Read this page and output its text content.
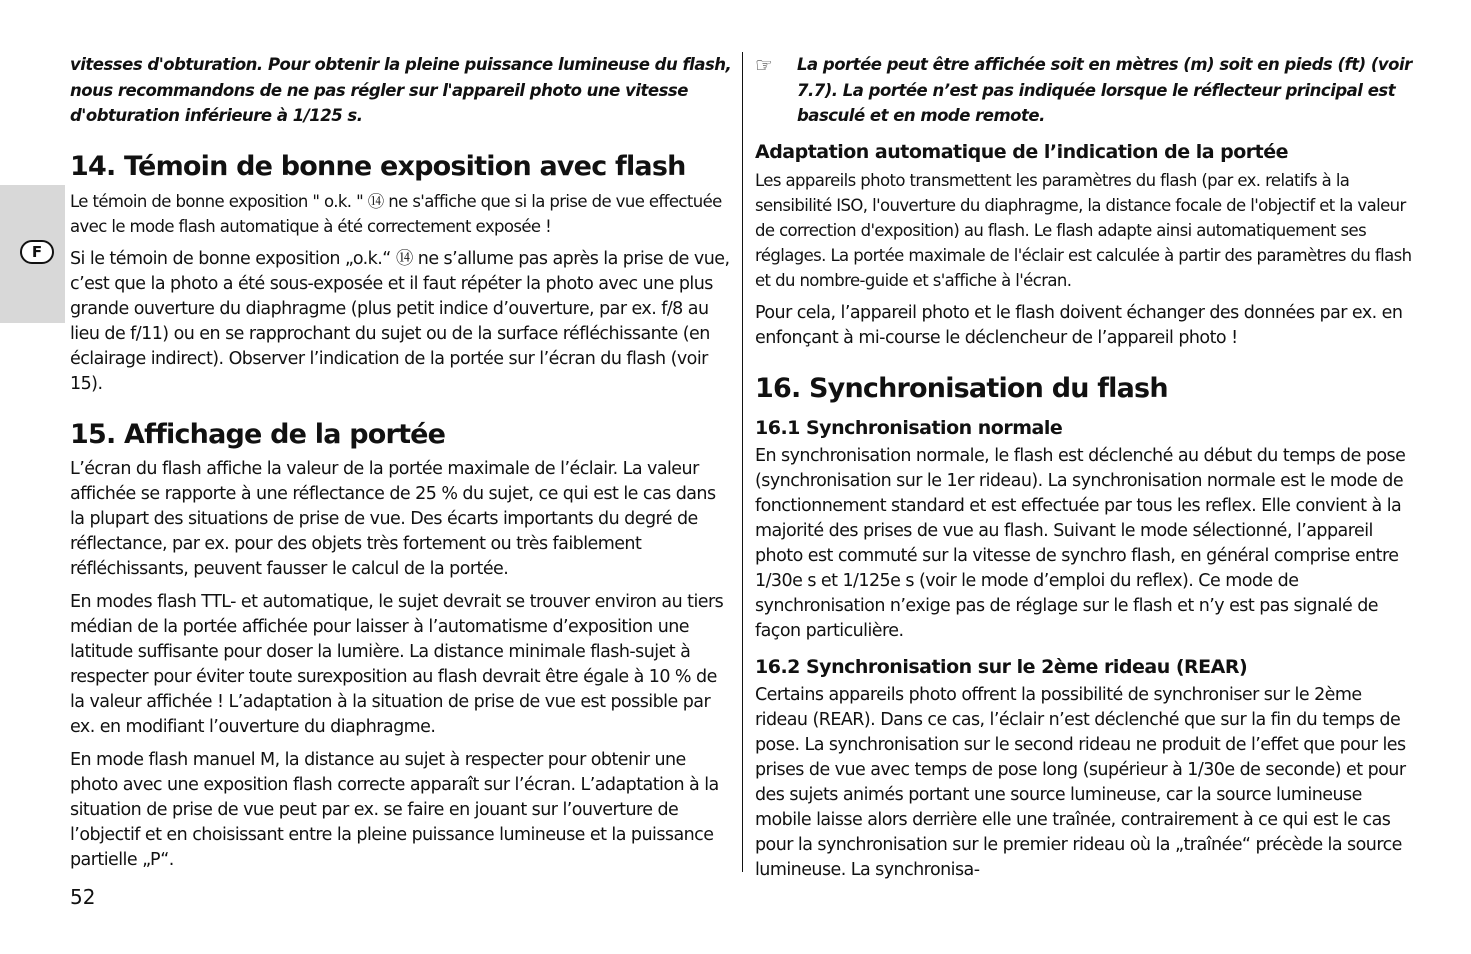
F

vitesses d'obturation. Pour obtenir la pleine puissance lumineuse du flash, nous recommandons de ne pas régler sur l'appareil photo une vitesse d'obturation inférieure à 1/125 s.

14. Témoin de bonne exposition avec flash

Le témoin de bonne exposition " o.k. " ⑭ ne s'affiche que si la prise de vue effectuée avec le mode flash automatique à été correctement exposée !

Si le témoin de bonne exposition „o.k.“ ⑭ ne s’allume pas après la prise de vue, c’est que la photo a été sous-exposée et il faut répéter la photo avec une plus grande ouverture du diaphragme (plus petit indice d’ouverture, par ex. f/8 au lieu de f/11) ou en se rapprochant du sujet ou de la surface réfléchissante (en éclairage indirect). Observer l’indication de la portée sur l’écran du flash (voir 15).

15. Affichage de la portée

L’écran du flash affiche la valeur de la portée maximale de l’éclair. La valeur affichée se rapporte à une réflectance de 25 % du sujet, ce qui est le cas dans la plupart des situations de prise de vue. Des écarts importants du degré de réflectance, par ex. pour des objets très fortement ou très faiblement réfléchissants, peuvent fausser le calcul de la portée.

En modes flash TTL- et automatique, le sujet devrait se trouver environ au tiers médian de la portée affichée pour laisser à l’automatisme d’exposition une latitude suffisante pour doser la lumière. La distance minimale flash-sujet à respecter pour éviter toute surexposition au flash devrait être égale à 10 % de la valeur affichée ! L’adaptation à la situation de prise de vue est possible par ex. en modifiant l’ouverture du diaphragme.

En mode flash manuel M, la distance au sujet à respecter pour obtenir une photo avec une exposition flash correcte apparaît sur l’écran. L’adaptation à la situation de prise de vue peut par ex. se faire en jouant sur l’ouverture de l’objectif et en choisissant entre la pleine puissance lumineuse et la puissance partielle „P“.

☞ La portée peut être affichée soit en mètres (m) soit en pieds (ft) (voir 7.7). La portée n’est pas indiquée lorsque le réflecteur principal est basculé et en mode remote.

Adaptation automatique de l’indication de la portée

Les appareils photo transmettent les paramètres du flash (par ex. relatifs à la sensibilité ISO, l'ouverture du diaphragme, la distance focale de l'objectif et la valeur de correction d'exposition) au flash. Le flash adapte ainsi automatiquement ses réglages. La portée maximale de l'éclair est calculée à partir des paramètres du flash et du nombre-guide et s'affiche à l'écran.

Pour cela, l’appareil photo et le flash doivent échanger des données par ex. en enfonçant à mi-course le déclencheur de l’appareil photo !

16. Synchronisation du flash
16.1 Synchronisation normale

En synchronisation normale, le flash est déclenché au début du temps de pose (synchronisation sur le 1er rideau). La synchronisation normale est le mode de fonctionnement standard et est effectuée par tous les reflex. Elle convient à la majorité des prises de vue au flash. Suivant le mode sélectionné, l’appareil photo est commuté sur la vitesse de synchro flash, en général comprise entre 1/30e s et 1/125e s (voir le mode d’emploi du reflex). Ce mode de synchronisation n’exige pas de réglage sur le flash et n’y est pas signalé de façon particulière.

16.2 Synchronisation sur le 2ème rideau (REAR)

Certains appareils photo offrent la possibilité de synchroniser sur le 2ème rideau (REAR). Dans ce cas, l’éclair n’est déclenché que sur la fin du temps de pose. La synchronisation sur le second rideau ne produit de l’effet que pour les prises de vue avec temps de pose long (supérieur à 1/30e de seconde) et pour des sujets animés portant une source lumineuse, car la source lumineuse mobile laisse alors derrière elle une traînée, contrairement à ce qui est le cas pour la synchronisation sur le premier rideau où la „traînée“ précède la source lumineuse. La synchronisa-

52
